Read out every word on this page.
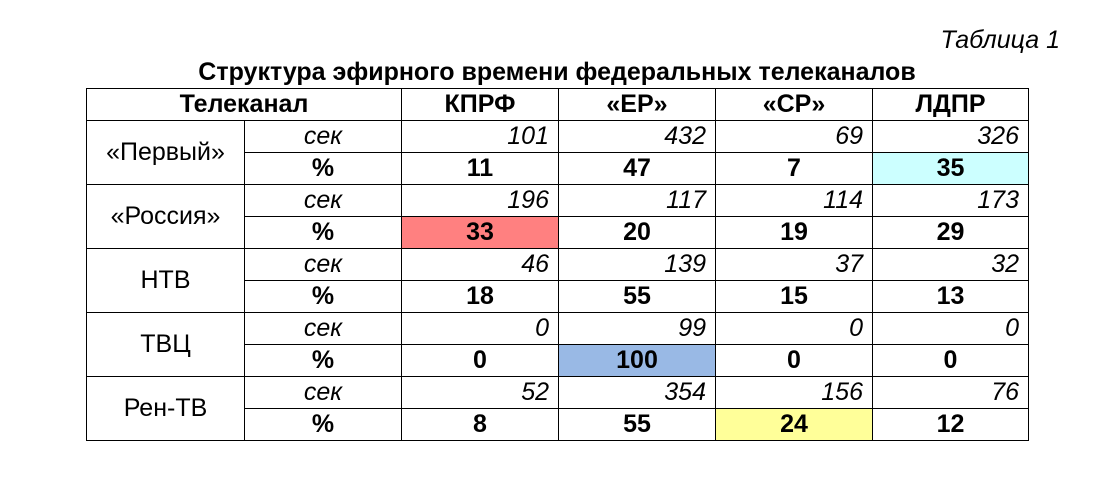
Таблица 1
Структура эфирного времени федеральных телеканалов
Телеканал		КПРФ	«ЕР»	«СР»	ЛДПР
«Первый»	сек	101	432	69	326
	%	11	47	7	35
«Россия»	сек	196	117	114	173
	%	33	20	19	29
НТВ	сек	46	139	37	32
	%	18	55	15	13
ТВЦ	сек	0	99	0	0
	%	0	100	0	0
Рен-ТВ	сек	52	354	156	76
	%	8	55	24	12
